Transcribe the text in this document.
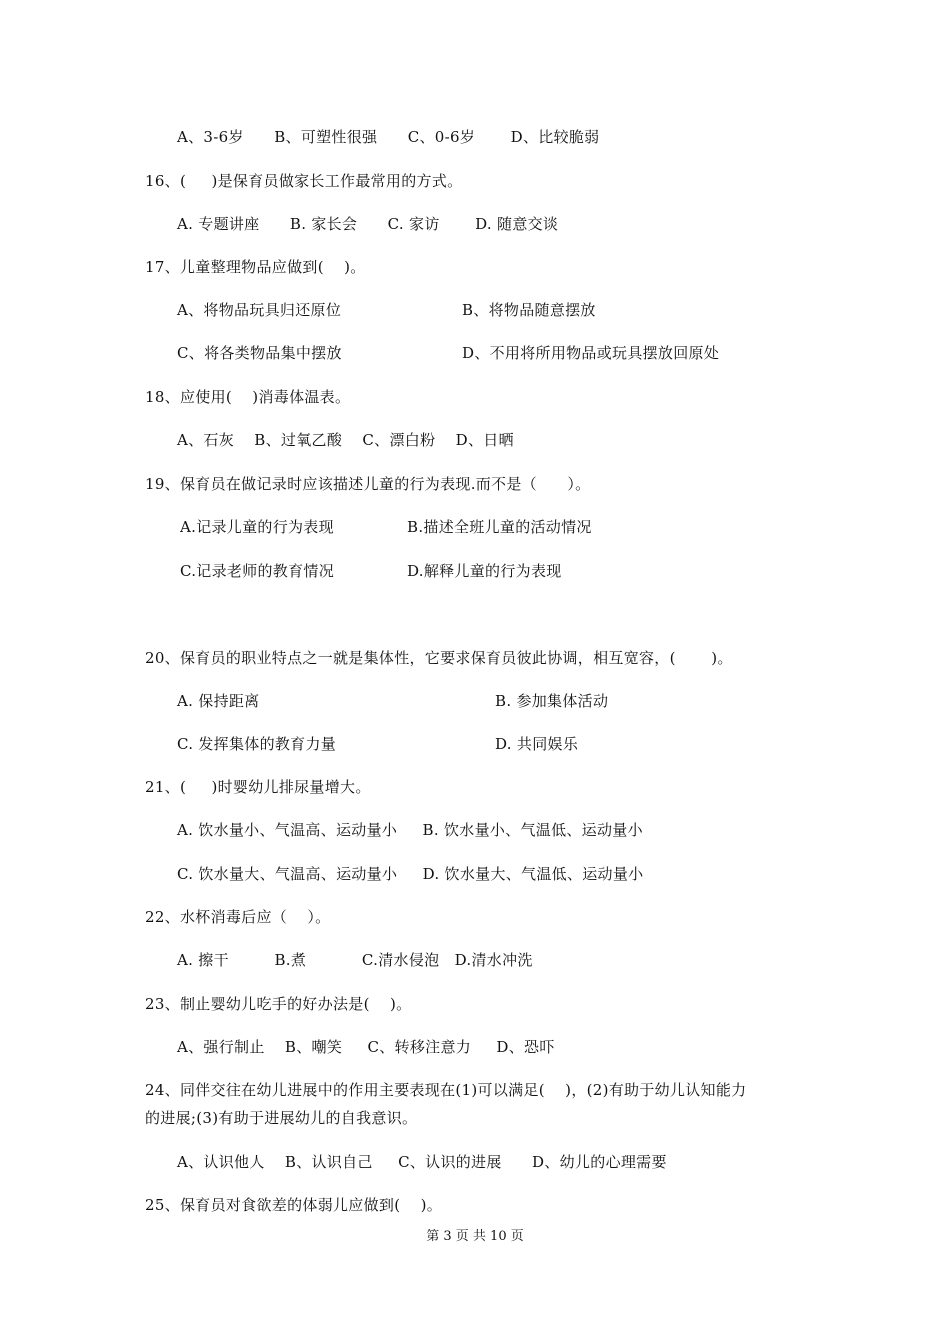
A、3-6岁      B、可塑性很强      C、0-6岁       D、比较脆弱
16、(     )是保育员做家长工作最常用的方式。
A. 专题讲座      B. 家长会      C. 家访       D. 随意交谈
17、儿童整理物品应做到(    )。
A、将物品玩具归还原位	B、将物品随意摆放
C、将各类物品集中摆放	D、不用将所用物品或玩具摆放回原处
18、应使用(    )消毒体温表。
A、石灰    B、过氧乙酸    C、漂白粉    D、日晒
19、保育员在做记录时应该描述儿童的行为表现.而不是（      ）。
A.记录儿童的行为表现	B.描述全班儿童的活动情况
C.记录老师的教育情况	D.解释儿童的行为表现
20、保育员的职业特点之一就是集体性，它要求保育员彼此协调，相互宽容，(       )。
A. 保持距离	B. 参加集体活动
C. 发挥集体的教育力量	D. 共同娱乐
21、(     )时婴幼儿排尿量增大。
A. 饮水量小、气温高、运动量小     B. 饮水量小、气温低、运动量小
C. 饮水量大、气温高、运动量小     D. 饮水量大、气温低、运动量小
22、水杯消毒后应（    ）。
A. 擦干         B.煮           C.清水侵泡   D.清水冲洗
23、制止婴幼儿吃手的好办法是(    )。
A、强行制止    B、嘲笑     C、转移注意力     D、恐吓
24、同伴交往在幼儿进展中的作用主要表现在(1)可以满足(    )，(2)有助于幼儿认知能力
的进展;(3)有助于进展幼儿的自我意识。
A、认识他人    B、认识自己     C、认识的进展      D、幼儿的心理需要
25、保育员对食欲差的体弱儿应做到(    )。
第 3 页 共 10 页
